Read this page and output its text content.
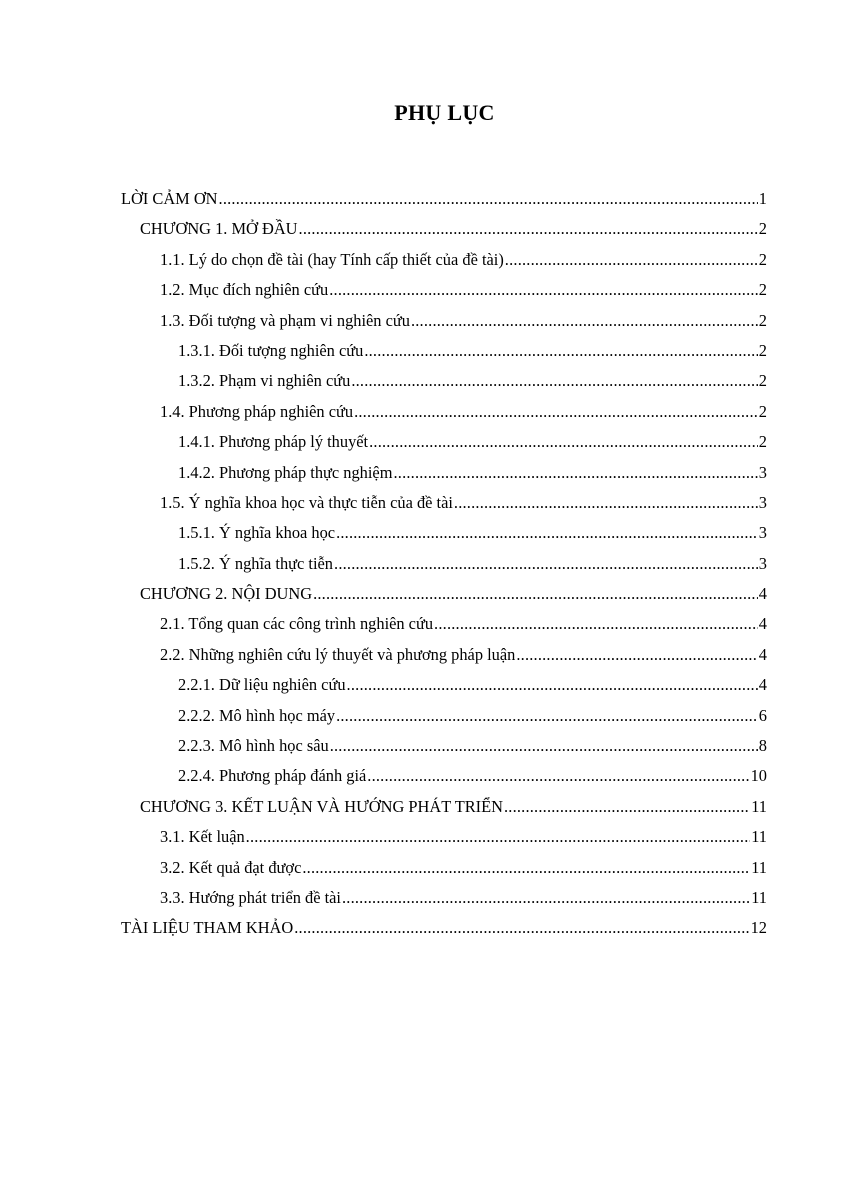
PHỤ LỤC
LỜI CẢM ƠN .....	1
CHƯƠNG 1. MỞ ĐẦU .....	2
1.1. Lý do chọn đề tài (hay Tính cấp thiết của đề tài) .....	2
1.2. Mục đích nghiên cứu .....	2
1.3. Đối tượng và phạm vi nghiên cứu .....	2
1.3.1. Đối tượng nghiên cứu .....	2
1.3.2. Phạm vi nghiên cứu .....	2
1.4. Phương pháp nghiên cứu .....	2
1.4.1. Phương pháp lý thuyết .....	2
1.4.2. Phương pháp thực nghiệm .....	3
1.5. Ý nghĩa khoa học và thực tiễn của đề tài .....	3
1.5.1. Ý nghĩa khoa học .....	3
1.5.2. Ý nghĩa thực tiễn .....	3
CHƯƠNG 2. NỘI DUNG .....	4
2.1. Tổng quan các công trình nghiên cứu .....	4
2.2. Những nghiên cứu lý thuyết và phương pháp luận .....	4
2.2.1. Dữ liệu nghiên cứu .....	4
2.2.2. Mô hình học máy .....	6
2.2.3. Mô hình học sâu .....	8
2.2.4. Phương pháp đánh giá .....	10
CHƯƠNG 3. KẾT LUẬN VÀ HƯỚNG PHÁT TRIỂN .....	11
3.1. Kết luận .....	11
3.2. Kết quả đạt được .....	11
3.3. Hướng phát triển đề tài .....	11
TÀI LIỆU THAM KHẢO .....	12
